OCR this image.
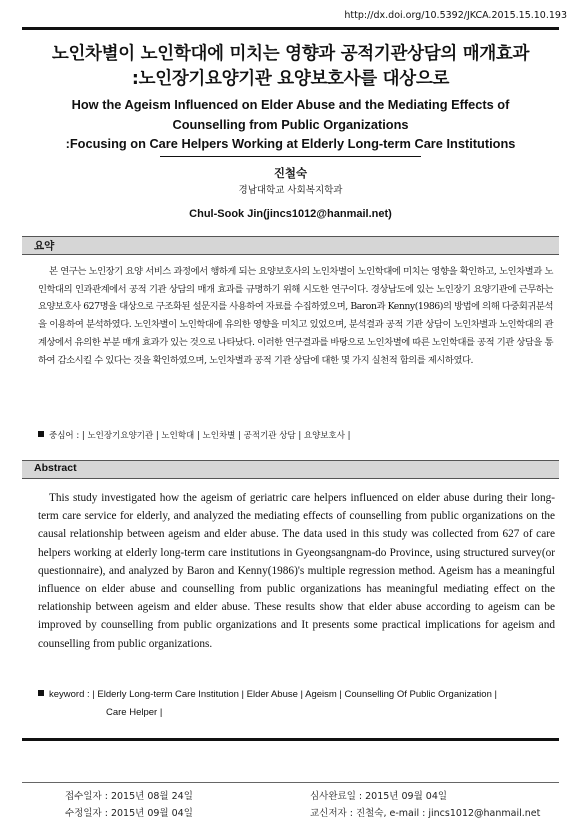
http://dx.doi.org/10.5392/JKCA.2015.15.10.193
노인차별이 노인학대에 미치는 영향과 공적기관상담의 매개효과
:노인장기요양기관 요양보호사를 대상으로
How the Ageism Influenced on Elder Abuse and the Mediating Effects of
Counselling from Public Organizations
:Focusing on Care Helpers Working at Elderly Long-term Care Institutions
진철숙
경남대학교 사회복지학과
Chul-Sook Jin(jincs1012@hanmail.net)
요약

본 연구는 노인장기 요양 서비스 과정에서 행하게 되는 요양보호사의 노인차별이 노인학대에 미치는 영향을 확인하고, 노인차별과 노인학대의 인과관계에서 공적 기관 상담의 매개 효과를 규명하기 위해 시도한 연구이다. 경상남도에 있는 노인장기 요양기관에 근무하는 요양보호사 627명을 대상으로 구조화된 설문지를 사용하여 자료를 수집하였으며, Baron과 Kenny(1986)의 방법에 의해 다중회귀분석을 이용하여 분석하였다. 노인차별이 노인학대에 유의한 영향을 미치고 있었으며, 분석결과 공적 기관 상담이 노인차별과 노인학대의 관계상에서 유의한 부분 매개 효과가 있는 것으로 나타났다. 이러한 연구결과를 바탕으로 노인차별에 따른 노인학대를 공적 기관 상담을 통하여 감소시킬 수 있다는 것을 확인하였으며, 노인차별과 공적 기관 상담에 대한 몇 가지 실천적 함의를 제시하였다.

중심어 : | 노인장기요양기관 | 노인학대 | 노인차별 | 공적기관 상담 | 요양보호사 |
Abstract

This study investigated how the ageism of geriatric care helpers influenced on elder abuse during their long-term care service for elderly, and analyzed the mediating effects of counselling from public organizations on the causal relationship between ageism and elder abuse. The data used in this study was collected from 627 of care helpers working at elderly long-term care institutions in Gyeongsangnam-do Province, using structured survey(or questionnaire), and analyzed by Baron and Kenny(1986)'s multiple regression method. Ageism has a meaningful influence on elder abuse and counselling from public organizations has meaningful mediating effect on the relationship between ageism and elder abuse. These results show that elder abuse according to ageism can be improved by counselling from public organizations and It presents some practical implications for ageism and counselling from public organizations.

keyword : | Elderly Long-term Care Institution | Elder Abuse | Ageism | Counselling Of Public Organization |
Care Helper |
접수일자 : 2015년 08월 24일
수정일자 : 2015년 09월 04일
심사완료일 : 2015년 09월 04일
교신저자 : 진철숙, e-mail : jincs1012@hanmail.net
